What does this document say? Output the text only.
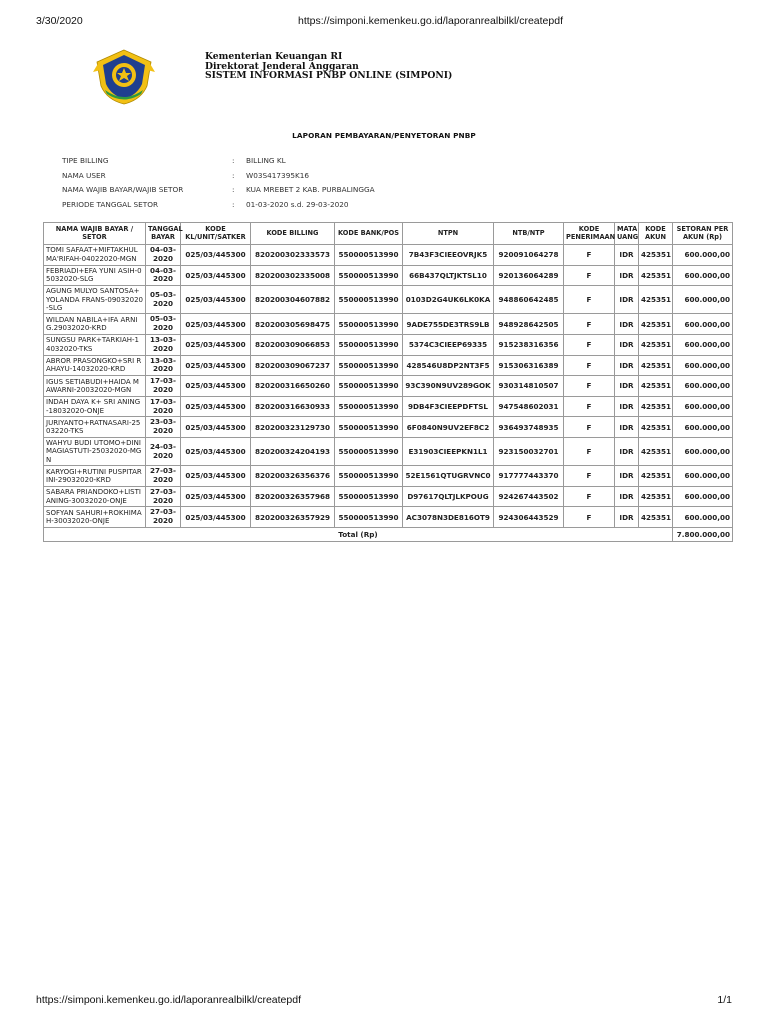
3/30/2020	https://simponi.kemenkeu.go.id/laporanrealbilkl/createpdf
Kementerian Keuangan RI
Direktorat Jenderal Anggaran
SISTEM INFORMASI PNBP ONLINE (SIMPONI)
LAPORAN PEMBAYARAN/PENYETORAN PNBP
TIPE BILLING	: BILLING KL
NAMA USER	: W03S417395K16
NAMA WAJIB BAYAR/WAJIB SETOR	: KUA MREBET 2 KAB. PURBALINGGA
PERIODE TANGGAL SETOR	: 01-03-2020 s.d. 29-03-2020
NAMA WAJIB BAYAR / SETOR	TANGGAL BAYAR	KODE KL/UNIT/SATKER	KODE BILLING	KODE BANK/POS	NTPN	NTB/NTP	KODE PENERIMAAN	MATA UANG	KODE AKUN	SETORAN PER AKUN (Rp)
TOMI SAFAAT+MIFTAKHUL MA'RIFAH-04022020-MGN	04-03-2020	025/03/445300	820200302333573	550000513990	7B43F3CIEEOVRJK5	920091064278	F	IDR	425351	600.000,00
FEBRIADI+EFA YUNI ASIH-05032020-SLG	04-03-2020	025/03/445300	820200302335008	550000513990	66B437QLTJKTSL10	920136064289	F	IDR	425351	600.000,00
AGUNG MULYO SANTOSA+YOLANDA FRANS-09032020-SLG	05-03-2020	025/03/445300	820200304607882	550000513990	0103D2G4UK6LK0KA	948860642485	F	IDR	425351	600.000,00
WILDAN NABILA+IFA ARNI G.29032020-KRD	05-03-2020	025/03/445300	820200305698475	550000513990	9ADE755DE3TRS9LB	948928642505	F	IDR	425351	600.000,00
SUNGSU PARK+TARKIAH-14032020-TKS	13-03-2020	025/03/445300	820200309066853	550000513990	5374C3CIEEP69335	915238316356	F	IDR	425351	600.000,00
ABROR PRASONGKO+SRI RAHAYU-14032020-KRD	13-03-2020	025/03/445300	820200309067237	550000513990	428546U8DP2NT3F5	915306316389	F	IDR	425351	600.000,00
IGUS SETIABUDI+HAIDA MAWARNI-20032020-MGN	17-03-2020	025/03/445300	820200316650260	550000513990	93C390N9UV289GOK	930314810507	F	IDR	425351	600.000,00
INDAH DAYA K+ SRI ANING -18032020-ONJE	17-03-2020	025/03/445300	820200316630933	550000513990	9DB4F3CIEEPDFTSL	947548602031	F	IDR	425351	600.000,00
JURIYANTO+RATNASARI-2503220-TKS	23-03-2020	025/03/445300	820200323129730	550000513990	6F0840N9UV2EF8C2	936493748935	F	IDR	425351	600.000,00
WAHYU BUDI UTOMO+DINI MAGIASTUTI-25032020-MGN	24-03-2020	025/03/445300	820200324204193	550000513990	E31903CIEEPKN1L1	923150032701	F	IDR	425351	600.000,00
KARYOGI+RUTINI PUSPITARINI-29032020-KRD	27-03-2020	025/03/445300	820200326356376	550000513990	52E1561QTUGRVNC0	917777443370	F	IDR	425351	600.000,00
SABARA PRIANDOKO+LISTIANING-30032020-ONJE	27-03-2020	025/03/445300	820200326357968	550000513990	D97617QLTJLKPOUG	924267443502	F	IDR	425351	600.000,00
SOFYAN SAHURI+ROKHIMAH-30032020-ONJE	27-03-2020	025/03/445300	820200326357929	550000513990	AC3078N3DE816OT9	924306443529	F	IDR	425351	600.000,00
Total (Rp)										7.800.000,00
https://simponi.kemenkeu.go.id/laporanrealbilkl/createpdf	1/1
